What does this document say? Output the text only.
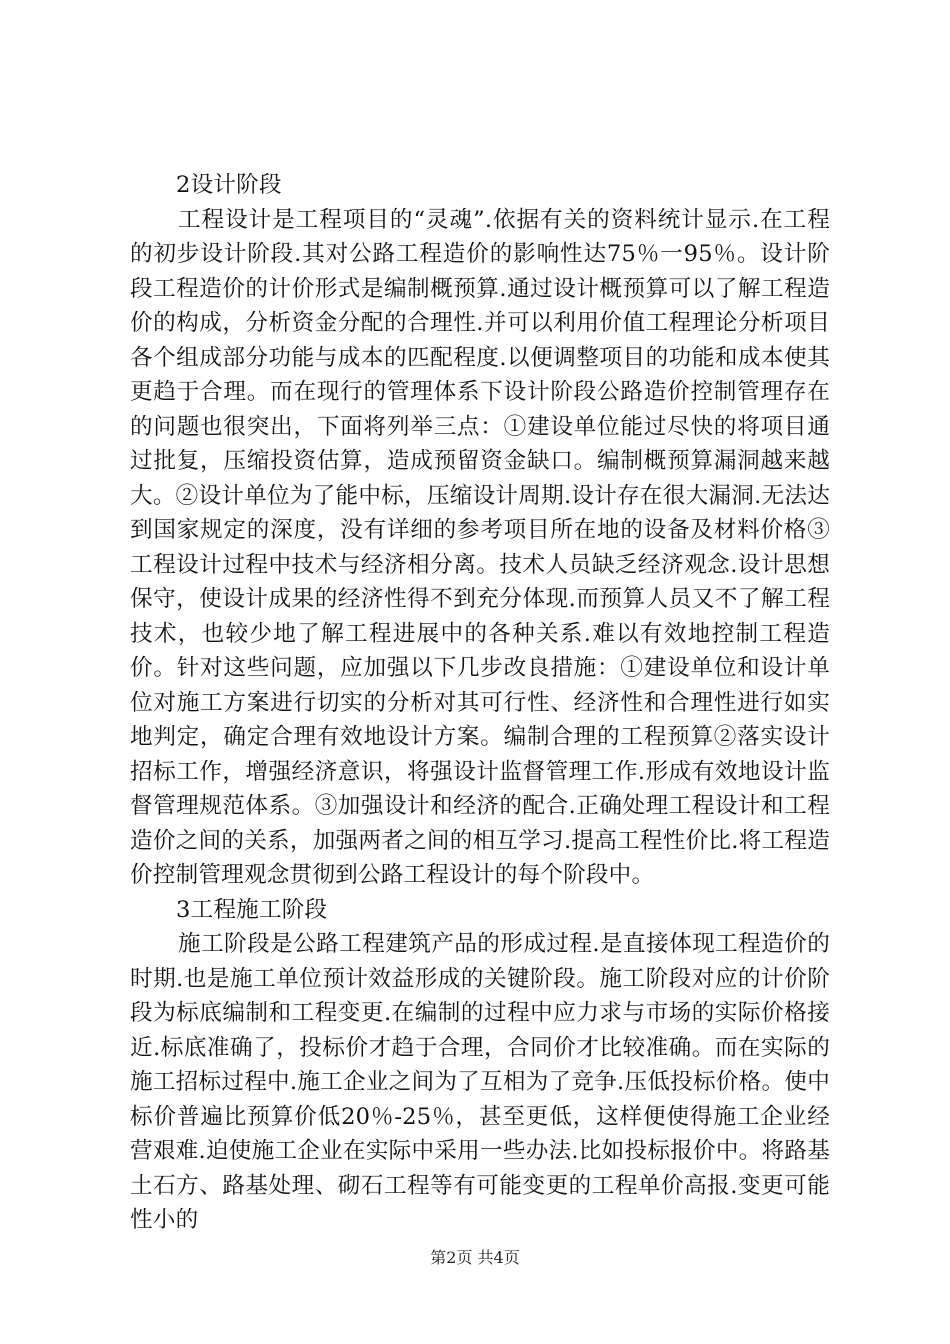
2设计阶段

工程设计是工程项目的“灵魂”.依据有关的资料统计显示.在工程的初步设计阶段.其对公路工程造价的影响性达75％一95％。设计阶段工程造价的计价形式是编制概预算.通过设计概预算可以了解工程造价的构成，分析资金分配的合理性.并可以利用价值工程理论分析项目各个组成部分功能与成本的匹配程度.以便调整项目的功能和成本使其更趋于合理。而在现行的管理体系下设计阶段公路造价控制管理存在的问题也很突出，下面将列举三点：①建设单位能过尽快的将项目通过批复，压缩投资估算，造成预留资金缺口。编制概预算漏洞越来越大。②设计单位为了能中标，压缩设计周期.设计存在很大漏洞.无法达到国家规定的深度，没有详细的参考项目所在地的设备及材料价格③工程设计过程中技术与经济相分离。技术人员缺乏经济观念.设计思想保守，使设计成果的经济性得不到充分体现.而预算人员又不了解工程技术，也较少地了解工程进展中的各种关系.难以有效地控制工程造价。针对这些问题，应加强以下几步改良措施：①建设单位和设计单位对施工方案进行切实的分析对其可行性、经济性和合理性进行如实地判定，确定合理有效地设计方案。编制合理的工程预算②落实设计招标工作，增强经济意识，将强设计监督管理工作.形成有效地设计监督管理规范体系。③加强设计和经济的配合.正确处理工程设计和工程造价之间的关系，加强两者之间的相互学习.提高工程性价比.将工程造价控制管理观念贯彻到公路工程设计的每个阶段中。

3工程施工阶段

施工阶段是公路工程建筑产品的形成过程.是直接体现工程造价的时期.也是施工单位预计效益形成的关键阶段。施工阶段对应的计价阶段为标底编制和工程变更.在编制的过程中应力求与市场的实际价格接近.标底准确了，投标价才趋于合理，合同价才比较准确。而在实际的施工招标过程中.施工企业之间为了互相为了竞争.压低投标价格。使中标价普遍比预算价低20％-25％，甚至更低，这样便使得施工企业经营艰难.迫使施工企业在实际中采用一些办法.比如投标报价中。将路基土石方、路基处理、砌石工程等有可能变更的工程单价高报.变更可能性小的

第2页 共4页
